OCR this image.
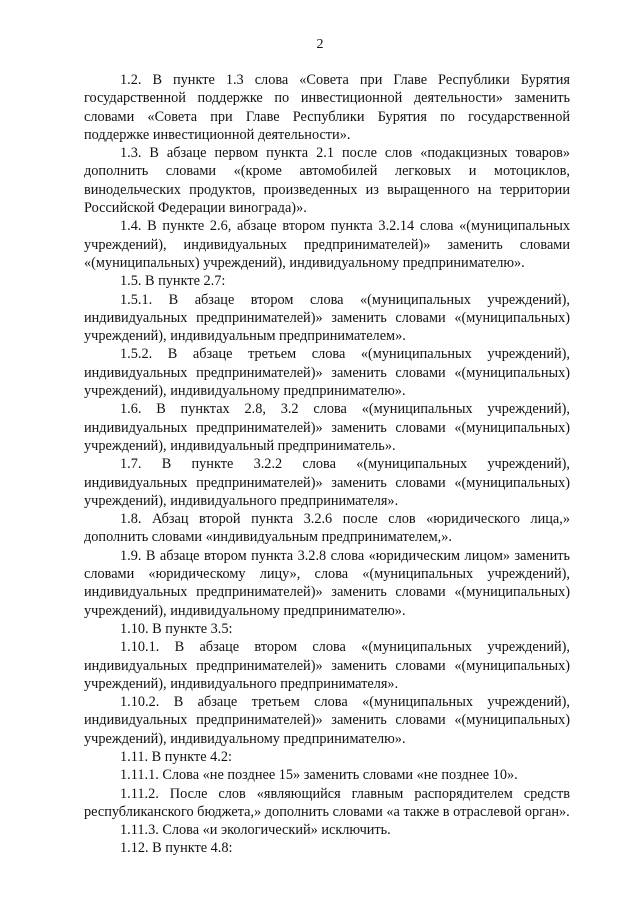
2

1.2. В пункте 1.3 слова «Совета при Главе Республики Бурятия государственной поддержке по инвестиционной деятельности» заменить словами «Совета при Главе Республики Бурятия по государственной поддержке инвестиционной деятельности».

1.3. В абзаце первом пункта 2.1 после слов «подакцизных товаров» дополнить словами «(кроме автомобилей легковых и мотоциклов, винодельческих продуктов, произведенных из выращенного на территории Российской Федерации винограда)».

1.4. В пункте 2.6, абзаце втором пункта 3.2.14 слова «(муниципальных учреждений), индивидуальных предпринимателей)» заменить словами «(муниципальных) учреждений), индивидуальному предпринимателю».

1.5. В пункте 2.7:

1.5.1. В абзаце втором слова «(муниципальных учреждений), индивидуальных предпринимателей)» заменить словами «(муниципальных) учреждений), индивидуальным предпринимателем».

1.5.2. В абзаце третьем слова «(муниципальных учреждений), индивидуальных предпринимателей)» заменить словами «(муниципальных) учреждений), индивидуальному предпринимателю».

1.6. В пунктах 2.8, 3.2 слова «(муниципальных учреждений), индивидуальных предпринимателей)» заменить словами «(муниципальных) учреждений), индивидуальный предприниматель».

1.7. В пункте 3.2.2 слова «(муниципальных учреждений), индивидуальных предпринимателей)» заменить словами «(муниципальных) учреждений), индивидуального предпринимателя».

1.8. Абзац второй пункта 3.2.6 после слов «юридического лица,» дополнить словами «индивидуальным предпринимателем,».

1.9. В абзаце втором пункта 3.2.8 слова «юридическим лицом» заменить словами «юридическому лицу», слова «(муниципальных учреждений), индивидуальных предпринимателей)» заменить словами «(муниципальных) учреждений), индивидуальному предпринимателю».

1.10. В пункте 3.5:

1.10.1. В абзаце втором слова «(муниципальных учреждений), индивидуальных предпринимателей)» заменить словами «(муниципальных) учреждений), индивидуального предпринимателя».

1.10.2. В абзаце третьем слова «(муниципальных учреждений), индивидуальных предпринимателей)» заменить словами «(муниципальных) учреждений), индивидуальному предпринимателю».

1.11. В пункте 4.2:

1.11.1. Слова «не позднее 15» заменить словами «не позднее 10».

1.11.2. После слов «являющийся главным распорядителем средств республиканского бюджета,» дополнить словами «а также в отраслевой орган».

1.11.3. Слова «и экологический» исключить.

1.12. В пункте 4.8:
